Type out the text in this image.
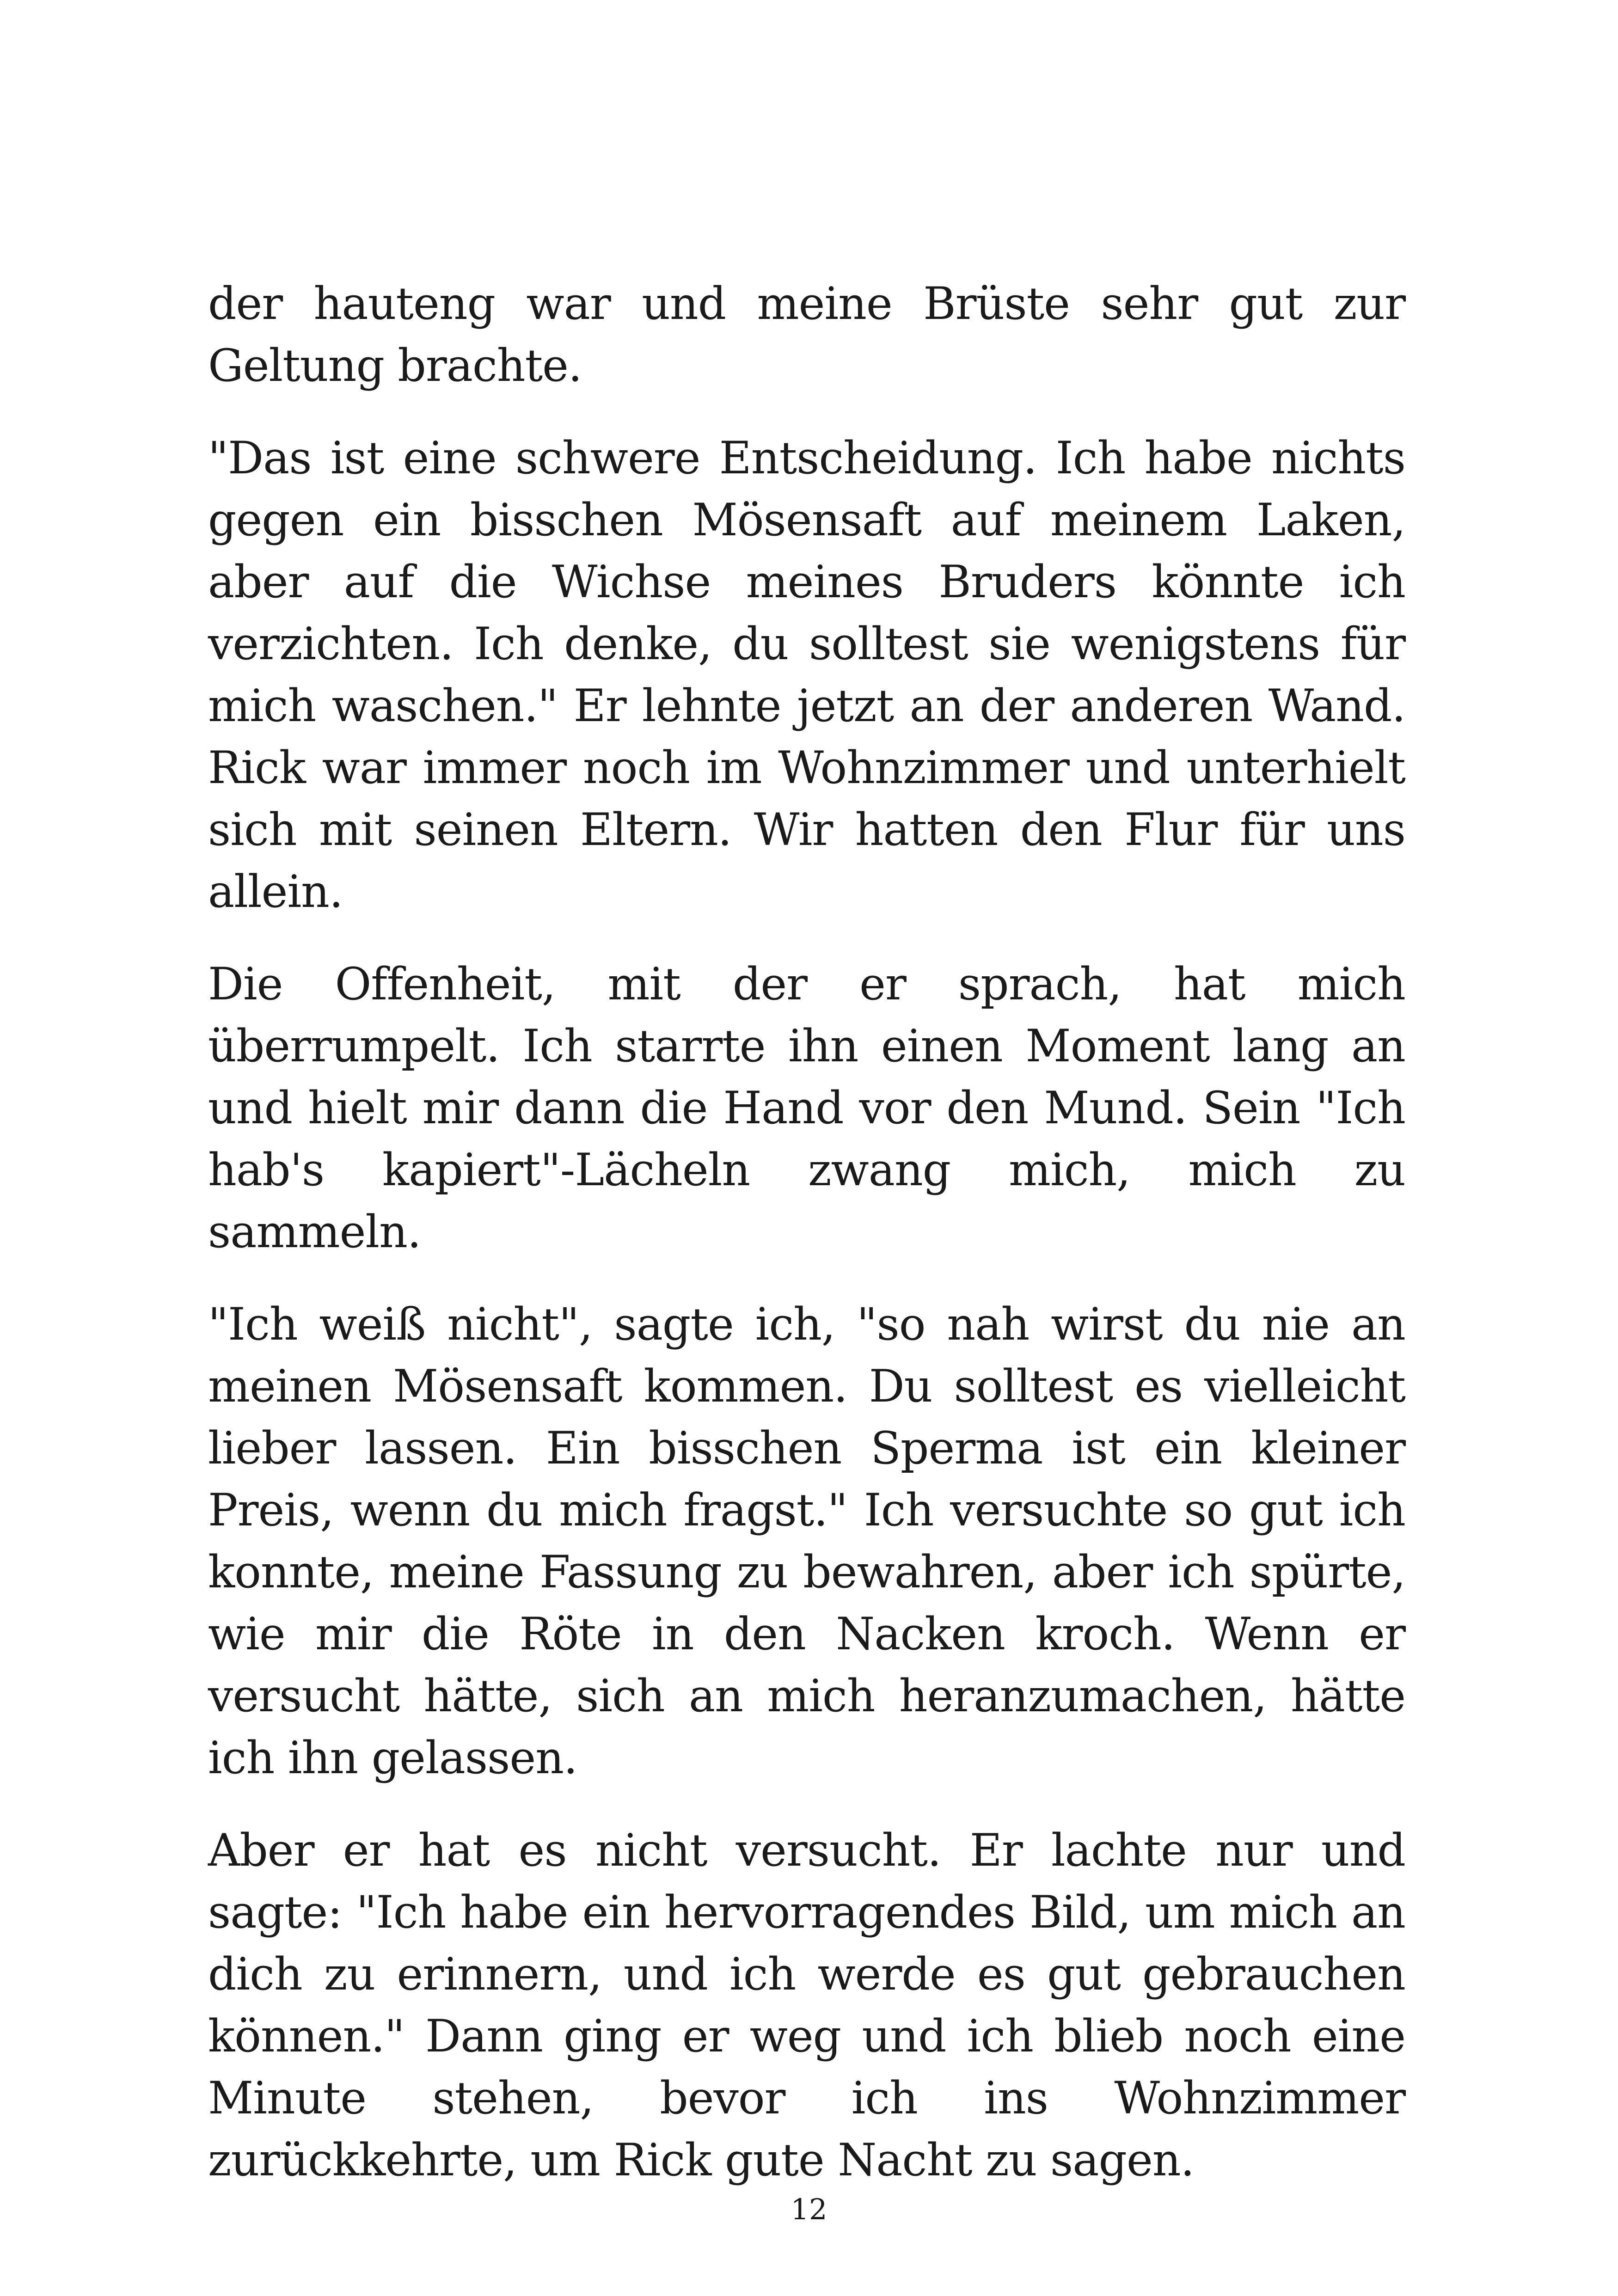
der hauteng war und meine Brüste sehr gut zur Geltung brachte.

"Das ist eine schwere Entscheidung. Ich habe nichts gegen ein bisschen Mösensaft auf meinem Laken, aber auf die Wichse meines Bruders könnte ich verzichten. Ich denke, du solltest sie wenigstens für mich waschen." Er lehnte jetzt an der anderen Wand. Rick war immer noch im Wohnzimmer und unterhielt sich mit seinen Eltern. Wir hatten den Flur für uns allein.

Die Offenheit, mit der er sprach, hat mich überrumpelt. Ich starrte ihn einen Moment lang an und hielt mir dann die Hand vor den Mund. Sein "Ich hab's kapiert"-Lächeln zwang mich, mich zu sammeln.

"Ich weiß nicht", sagte ich, "so nah wirst du nie an meinen Mösensaft kommen. Du solltest es vielleicht lieber lassen. Ein bisschen Sperma ist ein kleiner Preis, wenn du mich fragst." Ich versuchte so gut ich konnte, meine Fassung zu bewahren, aber ich spürte, wie mir die Röte in den Nacken kroch. Wenn er versucht hätte, sich an mich heranzumachen, hätte ich ihn gelassen.

Aber er hat es nicht versucht. Er lachte nur und sagte: "Ich habe ein hervorragendes Bild, um mich an dich zu erinnern, und ich werde es gut gebrauchen können." Dann ging er weg und ich blieb noch eine Minute stehen, bevor ich ins Wohnzimmer zurückkehrte, um Rick gute Nacht zu sagen.

12
